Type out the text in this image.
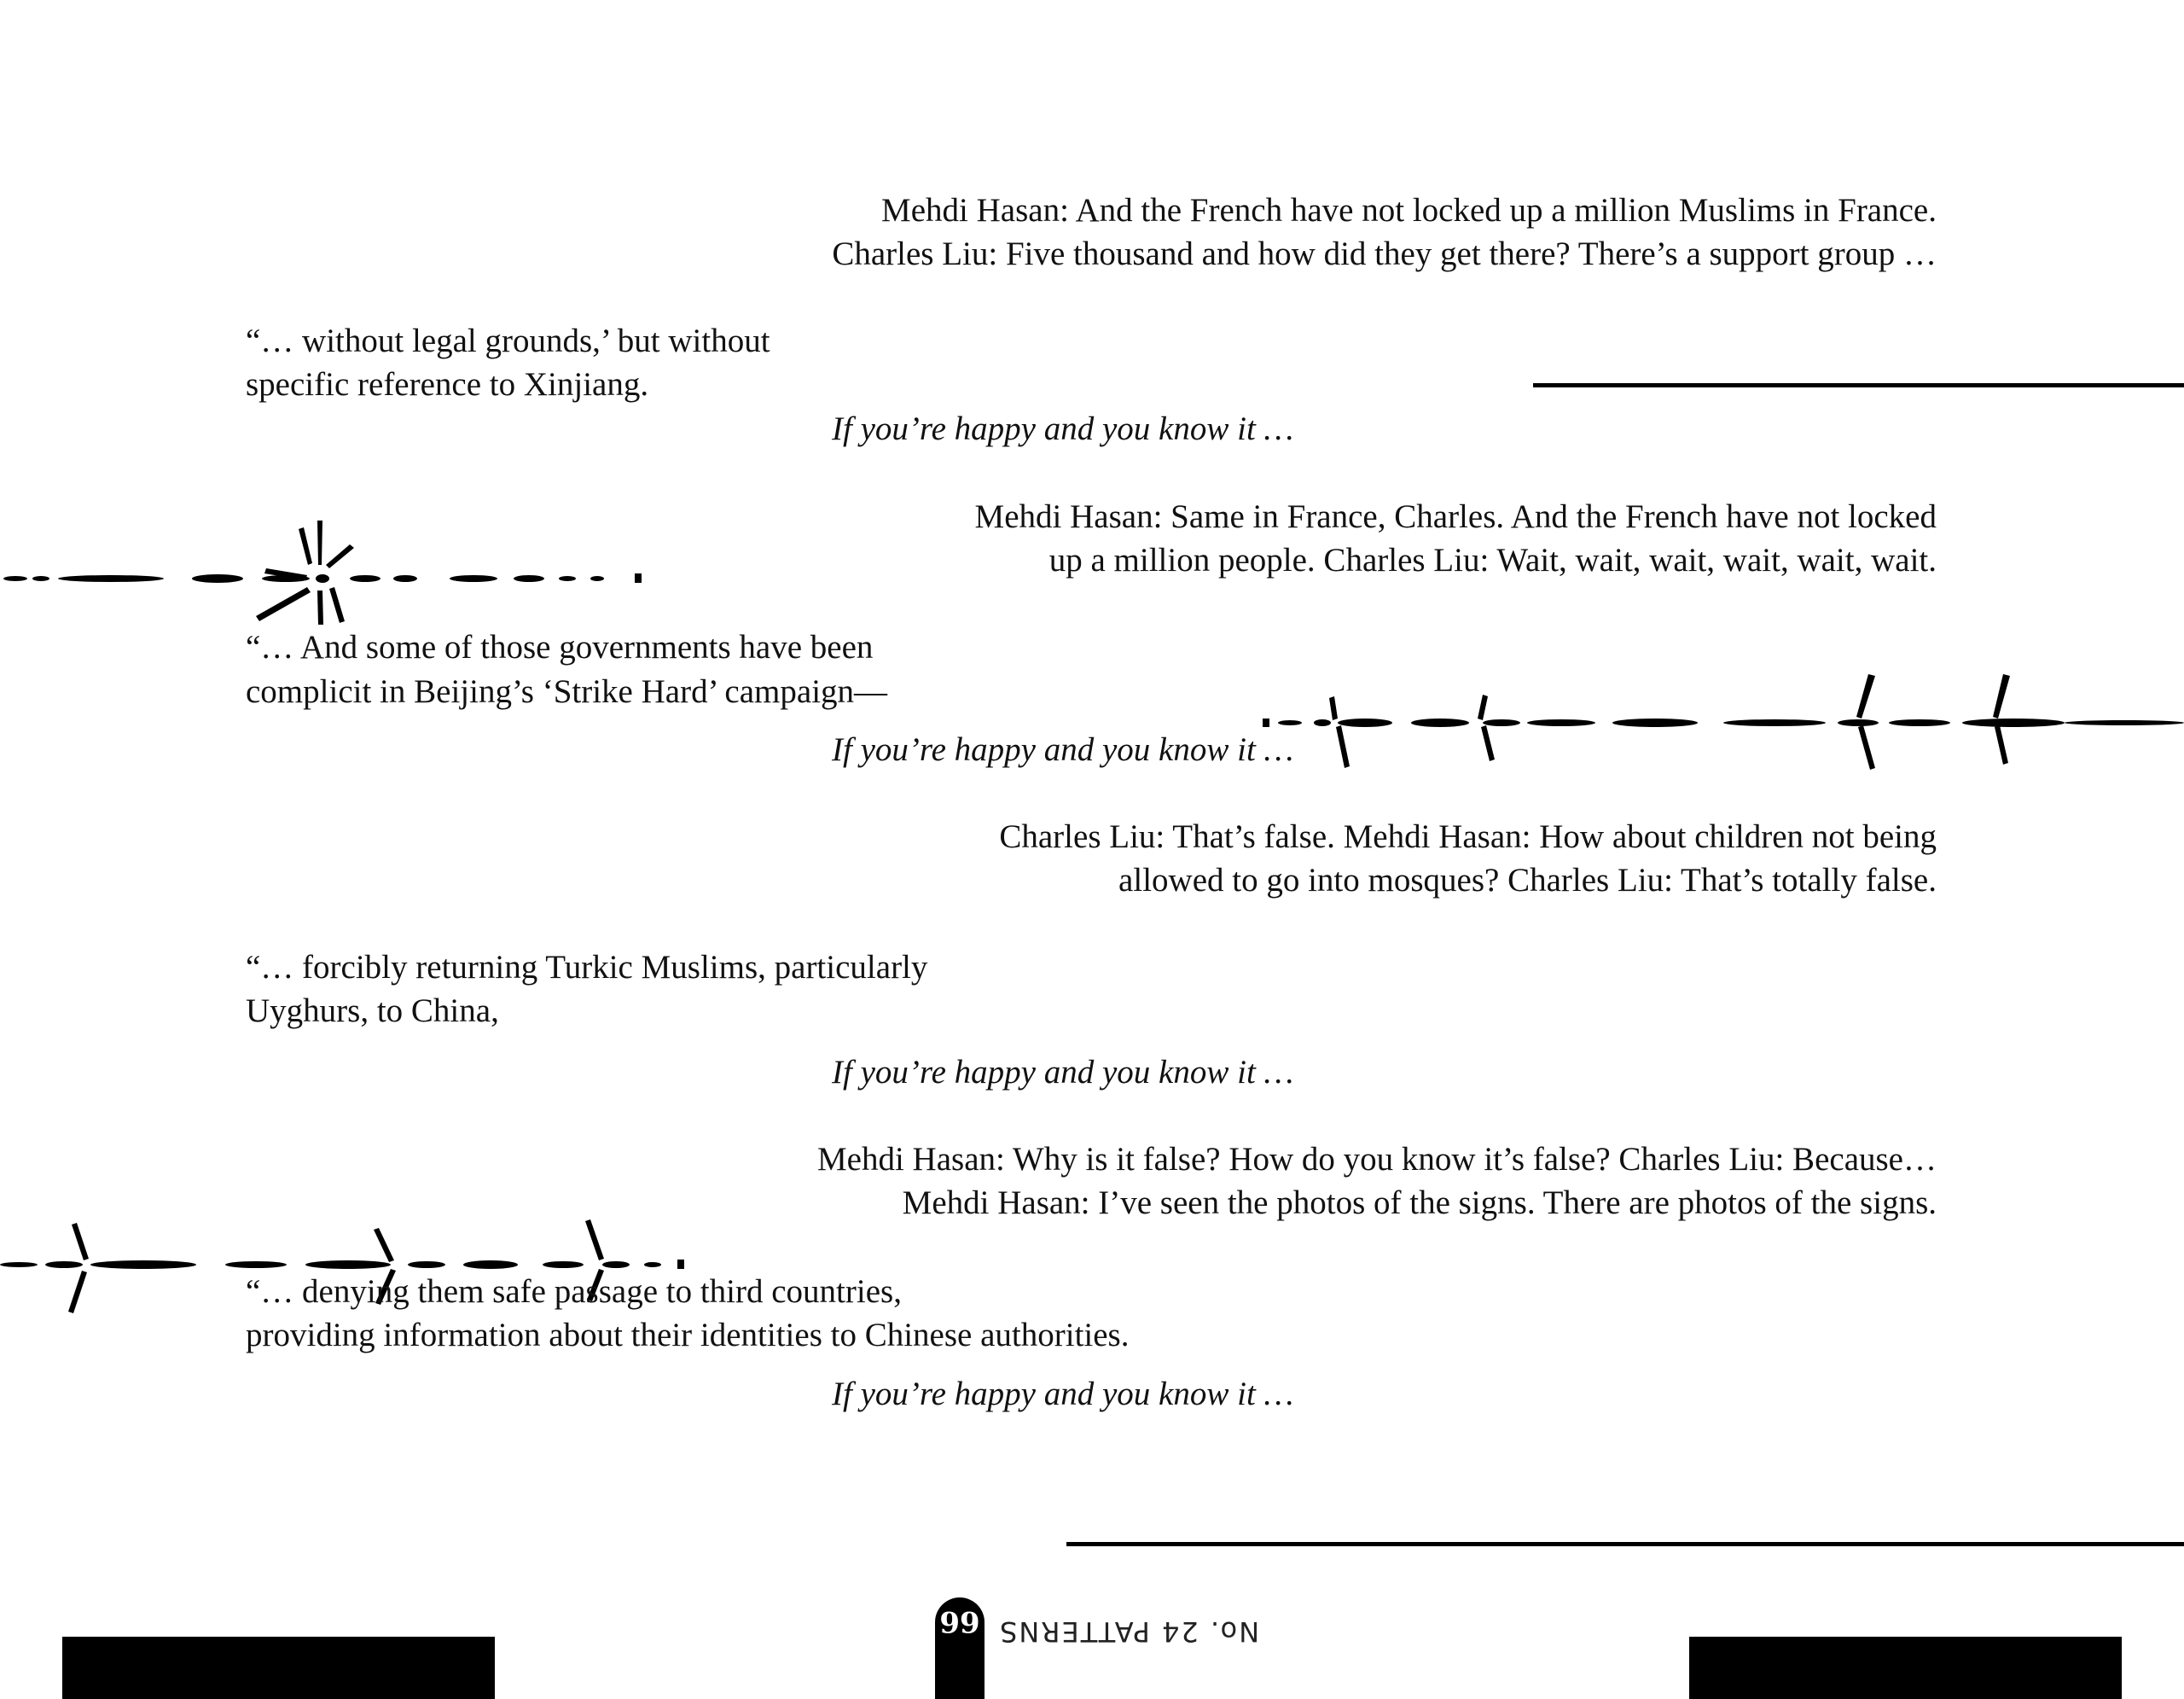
Mehdi Hasan: And the French have not locked up a million Muslims in France.
Charles Liu: Five thousand and how did they get there? There’s a support group …
“… without legal grounds,’ but without
specific reference to Xinjiang.
If you’re happy and you know it …
Mehdi Hasan: Same in France, Charles. And the French have not locked
up a million people. Charles Liu: Wait, wait, wait, wait, wait, wait.
“… And some of those governments have been
complicit in Beijing’s ‘Strike Hard’ campaign—
If you’re happy and you know it …
Charles Liu: That’s false. Mehdi Hasan: How about children not being
allowed to go into mosques? Charles Liu: That’s totally false.
“… forcibly returning Turkic Muslims, particularly
Uyghurs, to China,
If you’re happy and you know it …
Mehdi Hasan: Why is it false? How do you know it’s false? Charles Liu: Because…
Mehdi Hasan: I’ve seen the photos of the signs. There are photos of the signs.
“… denying them safe passage to third countries,
providing information about their identities to Chinese authorities.
If you’re happy and you know it …
66 No. 24 PATTERNS
